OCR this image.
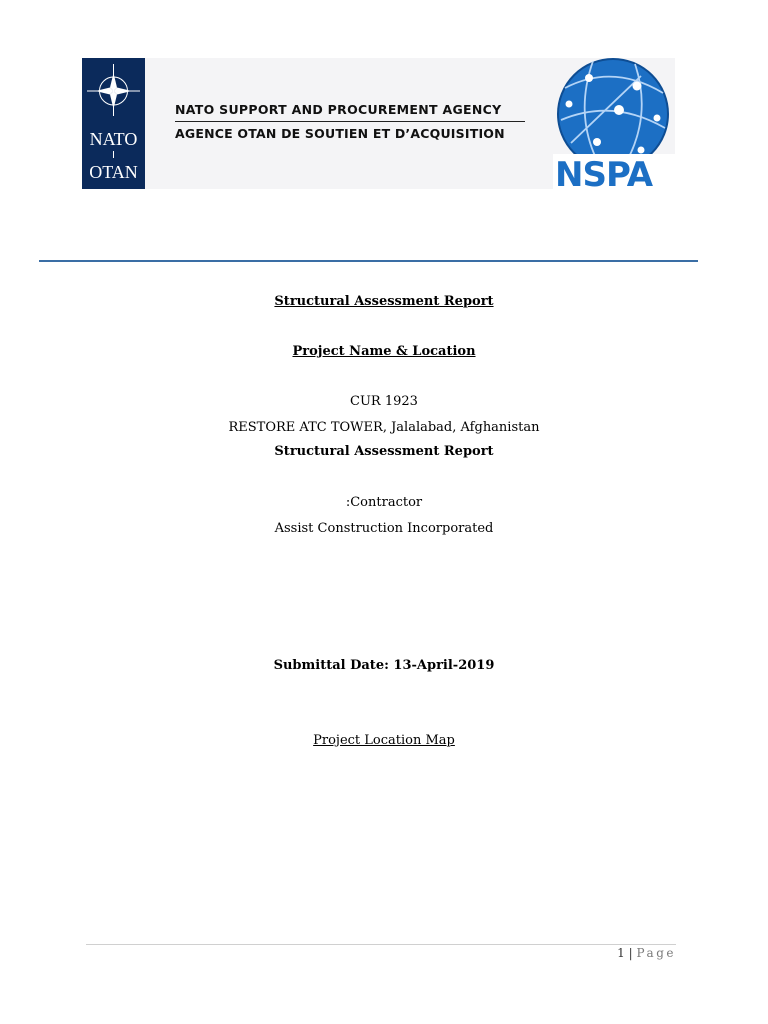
NATO
OTAN
NATO SUPPORT AND PROCUREMENT AGENCY
AGENCE OTAN DE SOUTIEN ET D’ACQUISITION
NSPA
Structural Assessment Report
Project Name & Location
CUR 1923
RESTORE ATC TOWER, Jalalabad, Afghanistan
Structural Assessment Report
:Contractor
Assist Construction Incorporated
Submittal Date: 13-April-2019
Project Location Map
1 | Page
